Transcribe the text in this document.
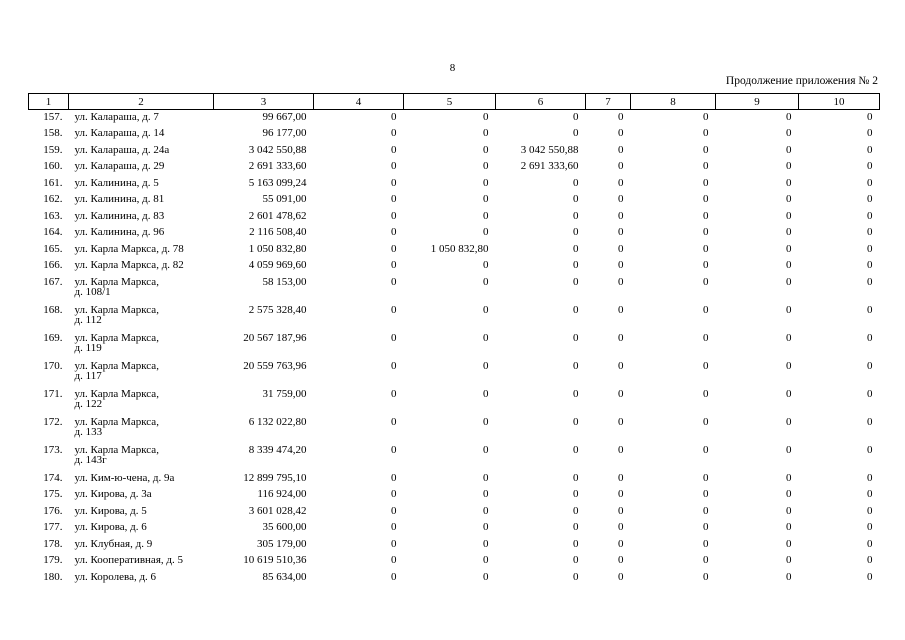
8
Продолжение приложения № 2
1	2	3	4	5	6	7	8	9	10
157.	ул. Калараша, д. 7	99 667,00	0	0	0	0	0	0	0
158.	ул. Калараша, д. 14	96 177,00	0	0	0	0	0	0	0
159.	ул. Калараша, д. 24а	3 042 550,88	0	0	3 042 550,88	0	0	0	0
160.	ул. Калараша, д. 29	2 691 333,60	0	0	2 691 333,60	0	0	0	0
161.	ул. Калинина, д. 5	5 163 099,24	0	0	0	0	0	0	0
162.	ул. Калинина, д. 81	55 091,00	0	0	0	0	0	0	0
163.	ул. Калинина, д. 83	2 601 478,62	0	0	0	0	0	0	0
164.	ул. Калинина, д. 96	2 116 508,40	0	0	0	0	0	0	0
165.	ул. Карла Маркса, д. 78	1 050 832,80	0	1 050 832,80	0	0	0	0	0
166.	ул. Карла Маркса, д. 82	4 059 969,60	0	0	0	0	0	0	0
167.	ул. Карла Маркса,
д. 108/1	58 153,00	0	0	0	0	0	0	0
168.	ул. Карла Маркса,
д. 112	2 575 328,40	0	0	0	0	0	0	0
169.	ул. Карла Маркса,
д. 119	20 567 187,96	0	0	0	0	0	0	0
170.	ул. Карла Маркса,
д. 117	20 559 763,96	0	0	0	0	0	0	0
171.	ул. Карла Маркса,
д. 122	31 759,00	0	0	0	0	0	0	0
172.	ул. Карла Маркса,
д. 133	6 132 022,80	0	0	0	0	0	0	0
173.	ул. Карла Маркса,
д. 143г	8 339 474,20	0	0	0	0	0	0	0
174.	ул. Ким-ю-чена, д. 9а	12 899 795,10	0	0	0	0	0	0	0
175.	ул. Кирова, д. 3а	116 924,00	0	0	0	0	0	0	0
176.	ул. Кирова, д. 5	3 601 028,42	0	0	0	0	0	0	0
177.	ул. Кирова, д. 6	35 600,00	0	0	0	0	0	0	0
178.	ул. Клубная, д. 9	305 179,00	0	0	0	0	0	0	0
179.	ул. Кооперативная, д. 5	10 619 510,36	0	0	0	0	0	0	0
180.	ул. Королева, д. 6	85 634,00	0	0	0	0	0	0	0
